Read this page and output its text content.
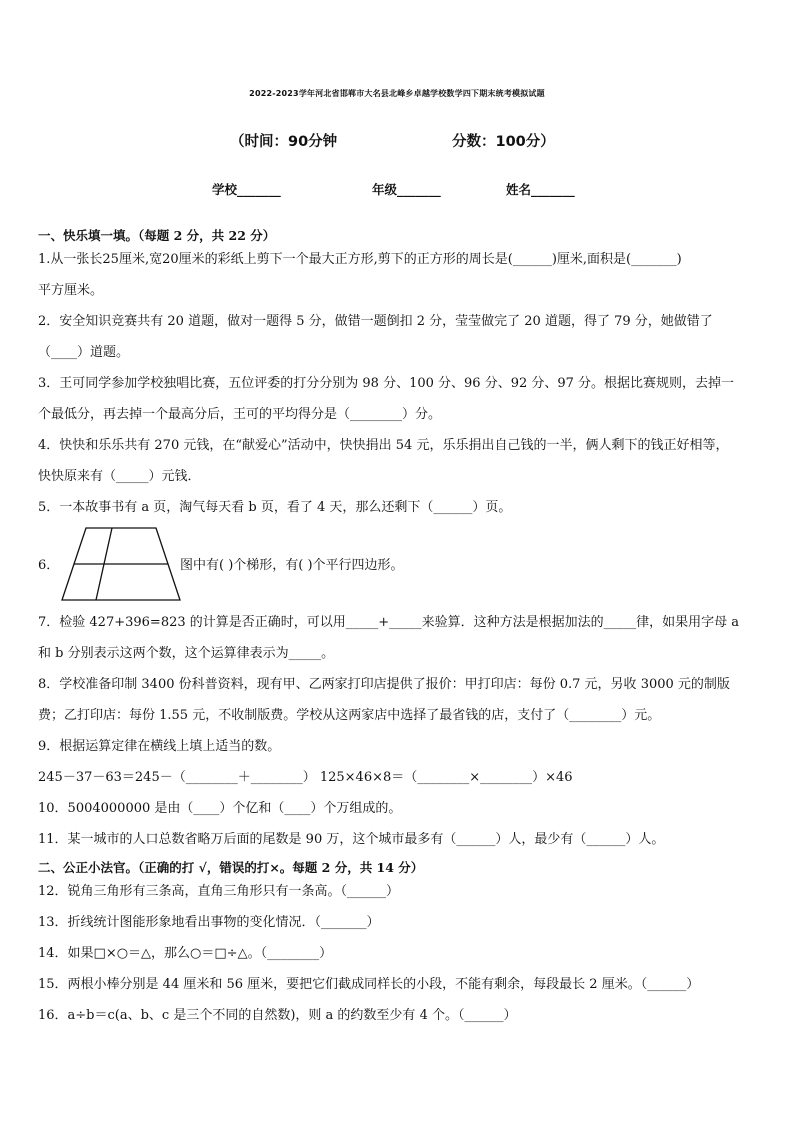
2022-2023学年河北省邯郸市大名县北峰乡卓越学校数学四下期末统考模拟试题
（时间：90分钟	分数：100分）
学校_______	年级_______	姓名_______
一、快乐填一填。（每题 2 分，共 22 分）
1.从一张长25厘米,宽20厘米的彩纸上剪下一个最大正方形,剪下的正方形的周长是(______)厘米,面积是(_______)
平方厘米。
2．安全知识竞赛共有 20 道题，做对一题得 5 分，做错一题倒扣 2 分，莹莹做完了 20 道题，得了 79 分，她做错了
（____）道题。
3．王可同学参加学校独唱比赛，五位评委的打分分别为 98 分、100 分、96 分、92 分、97 分。根据比赛规则，去掉一
个最低分，再去掉一个最高分后，王可的平均得分是（________）分。
4．快快和乐乐共有 270 元钱，在“献爱心”活动中，快快捐出 54 元，乐乐捐出自己钱的一半，俩人剩下的钱正好相等，
快快原来有（_____）元钱．
5．一本故事书有 a 页，淘气每天看 b 页，看了 4 天，那么还剩下（______）页。
6．	图中有( )个梯形，有( )个平行四边形。
7．检验 427+396=823 的计算是否正确时，可以用_____+_____来验算．这种方法是根据加法的_____律，如果用字母 a
和 b 分别表示这两个数，这个运算律表示为_____。
8．学校准备印制 3400 份科普资料，现有甲、乙两家打印店提供了报价：甲打印店：每份 0.7 元，另收 3000 元的制版
费；乙打印店：每份 1.55 元，不收制版费。学校从这两家店中选择了最省钱的店，支付了（________）元。
9．根据运算定律在横线上填上适当的数。
245－37－63＝245－（________＋________） 125×46×8＝（________×________）×46
10．5004000000 是由（____）个亿和（____）个万组成的。
11．某一城市的人口总数省略万后面的尾数是 90 万，这个城市最多有（______）人，最少有（______）人。
二、公正小法官。（正确的打 √，错误的打×。每题 2 分，共 14 分）
12．锐角三角形有三条高，直角三角形只有一条高。（______）
13．折线统计图能形象地看出事物的变化情况．（_______）
14．如果□×○＝△，那么○＝□÷△。（________）
15．两根小棒分别是 44 厘米和 56 厘米，要把它们截成同样长的小段，不能有剩余，每段最长 2 厘米。（______）
16．a÷b＝c(a、b、c 是三个不同的自然数)，则 a 的约数至少有 4 个。（______）
